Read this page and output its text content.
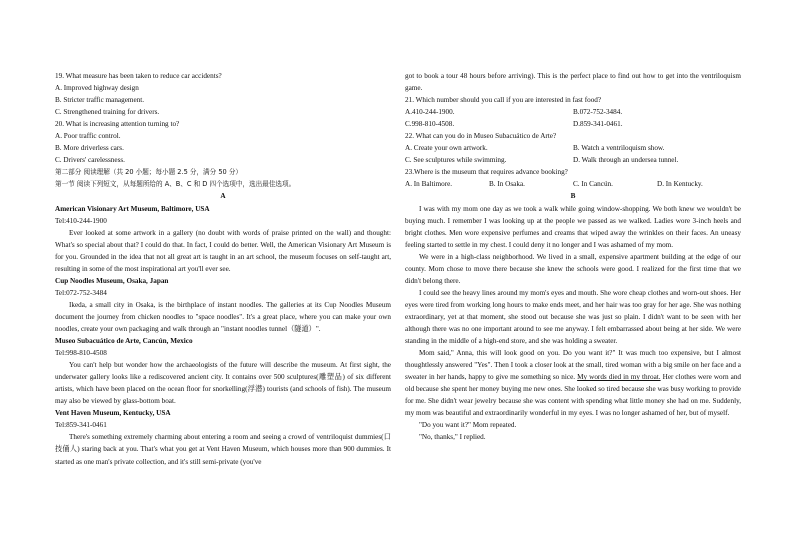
19. What measure has been taken to reduce car accidents?
A. Improved highway design
B. Stricter traffic management.
C. Strengthened training for drivers.
20. What is increasing attention turning to?
A. Poor traffic control.
B. More driverless cars.
C. Drivers' carelessness.
第二部分 阅读理解（共 20 小题；每小题 2.5 分，满分 50 分）
第一节 阅读下列短文，从每题所给的 A、B、C 和 D 四个选项中，选出最佳选项。
A
American Visionary Art Museum, Baltimore, USA
Tel:410-244-1900

Ever looked at some artwork in a gallery (no doubt with words of praise printed on the wall) and thought: What's so special about that? I could do that. In fact, I could do better. Well, the American Visionary Art Museum is for you. Grounded in the idea that not all great art is taught in an art school, the museum focuses on self-taught art, resulting in some of the most inspirational art you'll ever see.

Cup Noodles Museum, Osaka, Japan
Tel:072-752-3484

Ikeda, a small city in Osaka, is the birthplace of instant noodles. The galleries at its Cup Noodles Museum document the journey from chicken noodles to "space noodles". It's a great place, where you can make your own noodles, create your own packaging and walk through an "instant noodles tunnel（隧道）".

Museo Subacuático de Arte, Cancún, Mexico
Tel:998-810-4508

You can't help but wonder how the archaeologists of the future will describe the museum. At first sight, the underwater gallery looks like a rediscovered ancient city. It contains over 500 sculptures(雕塑品) of six different artists, which have been placed on the ocean floor for snorkelling(浮潜) tourists (and schools of fish). The museum may also be viewed by glass-bottom boat.

Vent Haven Museum, Kentucky, USA
Tel:859-341-0461

There's something extremely charming about entering a room and seeing a crowd of ventriloquist dummies(口技俑人) staring back at you. That's what you get at Vent Haven Museum, which houses more than 900 dummies. It started as one man's private collection, and it's still semi-private (you've

got to book a tour 48 hours before arriving). This is the perfect place to find out how to get into the ventriloquism game.
21. Which number should you call if you are interested in fast food?
A.410-244-1900.	B.072-752-3484.
C.998-810-4508.	D.859-341-0461.
22. What can you do in Museo Subacuático de Arte?
A. Create your own artwork.	B. Watch a ventriloquism show.
C. See sculptures while swimming.	D. Walk through an undersea tunnel.
23.Where is the museum that requires advance booking?
A. In Baltimore.	B. In Osaka.	C. In Cancún.	D. In Kentucky.
B

I was with my mom one day as we took a walk while going window-shopping. We both knew we wouldn't be buying much. I remember I was looking up at the people we passed as we walked. Ladies wore 3-inch heels and bright clothes. Men wore expensive perfumes and creams that wiped away the wrinkles on their faces. An uneasy feeling started to settle in my chest. I could deny it no longer and I was ashamed of my mom.

We were in a high-class neighborhood. We lived in a small, expensive apartment building at the edge of our county. Mom chose to move there because she knew the schools were good. I realized for the first time that we didn't belong there.

I could see the heavy lines around my mom's eyes and mouth. She wore cheap clothes and worn-out shoes. Her eyes were tired from working long hours to make ends meet, and her hair was too gray for her age. She was nothing extraordinary, yet at that moment, she stood out because she was just so plain. I didn't want to be seen with her although there was no one important around to see me anyway. I felt embarrassed about being at her side. We were standing in the middle of a high-end store, and she was holding a sweater.

Mom said," Anna, this will look good on you. Do you want it?" It was much too expensive, but I almost thoughtlessly answered "Yes". Then I took a closer look at the small, tired woman with a big smile on her face and a sweater in her hands, happy to give me something so nice. My words died in my throat. Her clothes were worn and old because she spent her money buying me new ones. She looked so tired because she was busy working to provide for me. She didn't wear jewelry because she was content with spending what little money she had on me. Suddenly, my mom was beautiful and extraordinarily wonderful in my eyes. I was no longer ashamed of her, but of myself.

"Do you want it?" Mom repeated.

"No, thanks," I replied.
